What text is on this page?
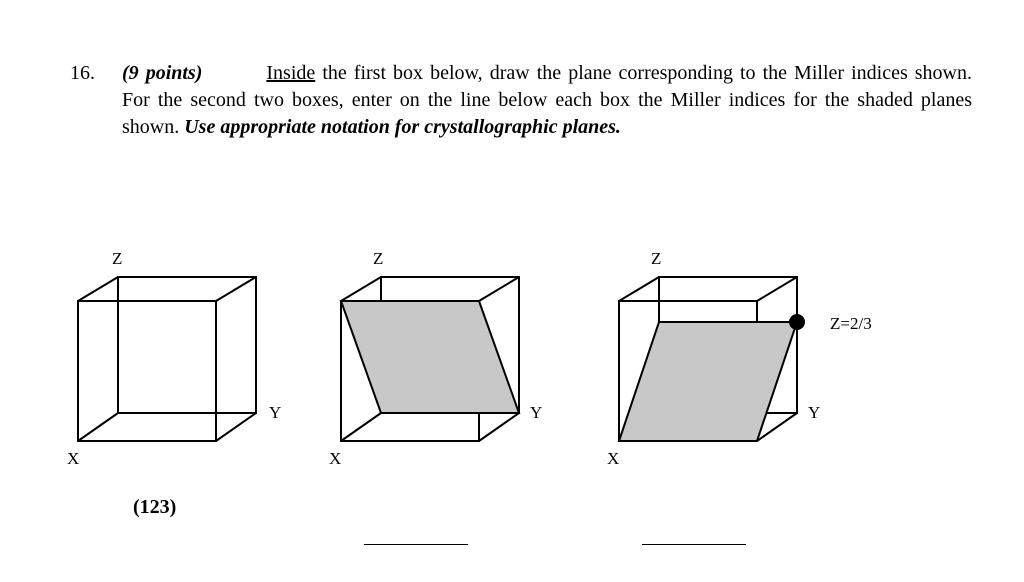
16. (9 points)	Inside the first box below, draw the plane corresponding to the Miller indices shown. For the second two boxes, enter on the line below each box the Miller indices for the shaded planes shown. Use appropriate notation for crystallographic planes.
Z
Y
X
Z
Y
X
Z
Y
X
Z=2/3
(123)
